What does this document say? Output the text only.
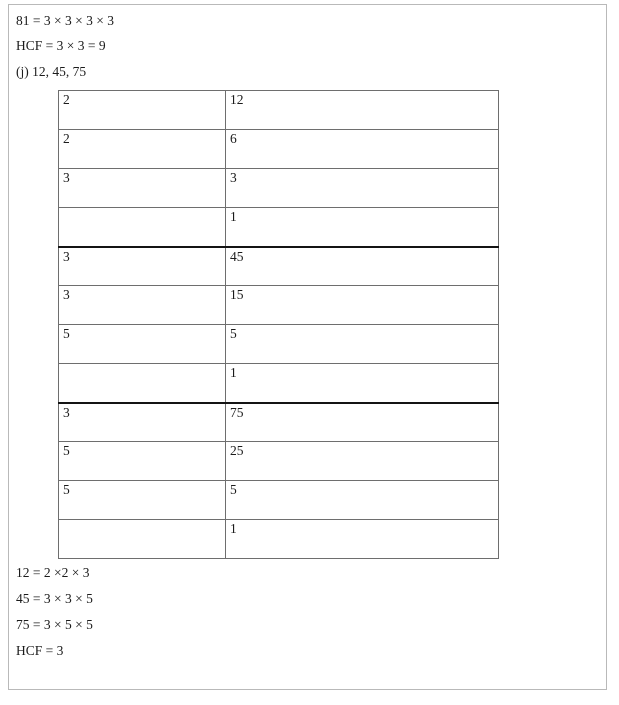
81 = 3 × 3 × 3 × 3
HCF = 3 × 3 = 9
(j) 12, 45, 75
2	12
2	6
3	3
	1
3	45
3	15
5	5
	1
3	75
5	25
5	5
	1
12 = 2 ×2 × 3
45 = 3 × 3 × 5
75 = 3 × 5 × 5
HCF = 3
